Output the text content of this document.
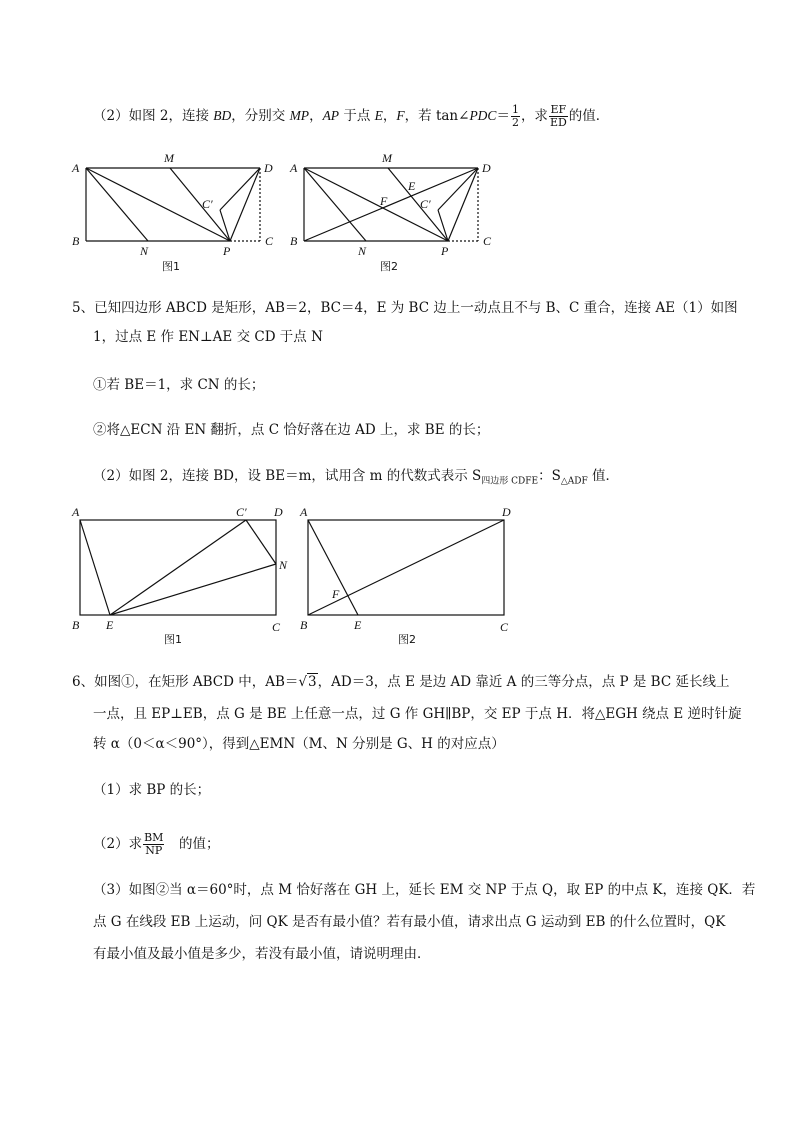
（2）如图 2，连接 BD，分别交 MP，AP 于点 E，F，若 tan∠PDC＝ $\frac{1}{2}$ ，求 $\frac{EF}{ED}$ 的值．
A
M
D
C′
B
N	P
C
图1
A
M
D
E
F	C′
B
N	P
C
图2
5、已知四边形 ABCD 是矩形，AB＝2，BC＝4，E 为 BC 边上一动点且不与 B、C 重合，连接 AE（1）如图
1，过点 E 作 EN⊥AE 交 CD 于点 N
①若 BE＝1，求 CN 的长；
②将△ECN 沿 EN 翻折，点 C 恰好落在边 AD 上，求 BE 的长；
（2）如图 2，连接 BD，设 BE＝m，试用含 m 的代数式表示 $S_{四边形 CDFE}$：$S_{\triangle ADF}$ 值．
A	C′ D
N
B E	C
图1
A	D
F
B	E	C
图2
6、如图①，在矩形 ABCD 中，AB＝√3，AD＝3，点 E 是边 AD 靠近 A 的三等分点，点 P 是 BC 延长线上
一点，且 EP⊥EB，点 G 是 BE 上任意一点，过 G 作 GH∥BP，交 EP 于点 H．将△EGH 绕点 E 逆时针旋
转 α（0＜α＜90°），得到△EMN（M、N 分别是 G、H 的对应点）
（1）求 BP 的长；
（2）求 $\frac{BM}{NP}$ 　的值；
（3）如图②当 α＝60°时，点 M 恰好落在 GH 上，延长 EM 交 NP 于点 Q，取 EP 的中点 K，连接 QK．若
点 G 在线段 EB 上运动，问 QK 是否有最小值？若有最小值，请求出点 G 运动到 EB 的什么位置时，QK
有最小值及最小值是多少，若没有最小值，请说明理由．
